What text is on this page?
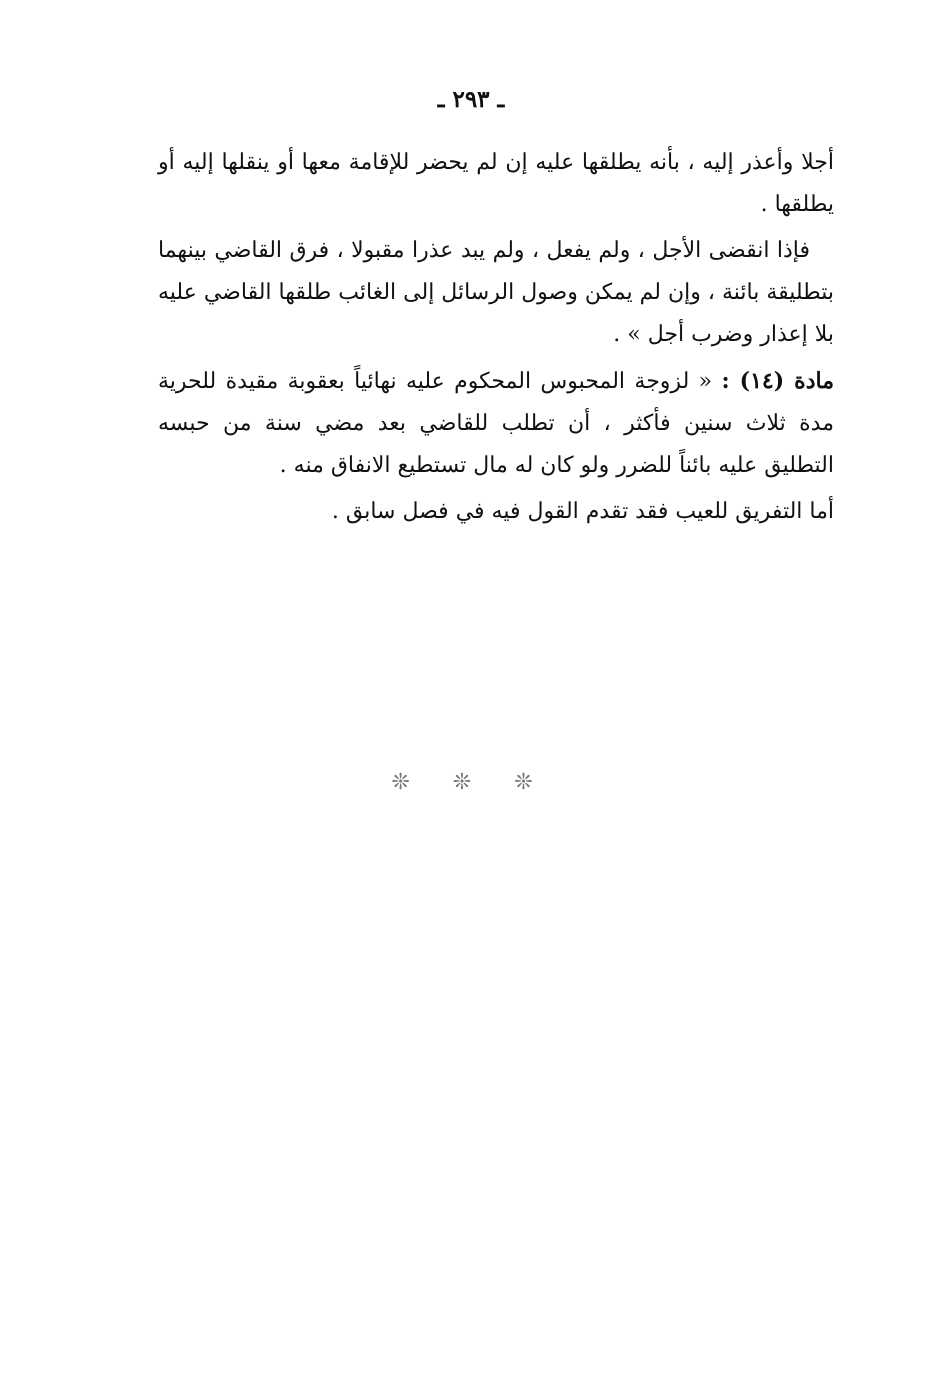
ـ ٢٩٣ ـ

أجلا وأعذر إليه ، بأنه يطلقها عليه إن لم يحضر للإقامة معها أو ينقلها إليه أو يطلقها .

فإذا انقضى الأجل ، ولم يفعل ، ولم يبد عذرا مقبولا ، فرق القاضي بينهما بتطليقة بائنة ، وإن لم يمكن وصول الرسائل إلى الغائب طلقها القاضي عليه بلا إعذار وضرب أجل » .

مادة (١٤) : « لزوجة المحبوس المحكوم عليه نهائياً بعقوبة مقيدة للحرية مدة ثلاث سنين فأكثر ، أن تطلب للقاضي بعد مضي سنة من حبسه التطليق عليه بائناً للضرر ولو كان له مال تستطيع الانفاق منه .

أما التفريق للعيب فقد تقدم القول فيه في فصل سابق .

❊ ❊ ❊
